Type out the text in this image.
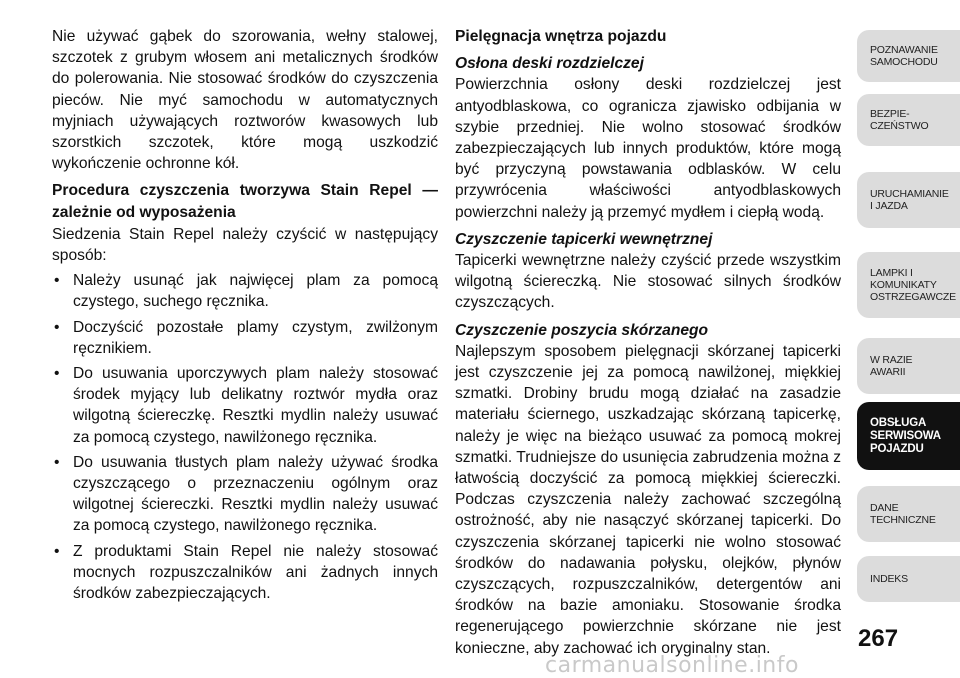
Nie używać gąbek do szorowania, wełny stalowej, szczotek z grubym włosem ani metalicznych środków do polerowania. Nie stosować środków do czyszczenia pieców. Nie myć samochodu w automatycznych myjniach używających roztworów kwasowych lub szorstkich szczotek, które mogą uszkodzić wykończenie ochronne kół.

Procedura czyszczenia tworzywa Stain Repel — zależnie od wyposażenia

Siedzenia Stain Repel należy czyścić w następujący sposób:

• Należy usunąć jak najwięcej plam za pomocą czystego, suchego ręcznika.
• Doczyścić pozostałe plamy czystym, zwilżonym ręcznikiem.
• Do usuwania uporczywych plam należy stosować środek myjący lub delikatny roztwór mydła oraz wilgotną ściereczkę. Resztki mydlin należy usuwać za pomocą czystego, nawilżonego ręcznika.
• Do usuwania tłustych plam należy używać środka czyszczącego o przeznaczeniu ogólnym oraz wilgotnej ściereczki. Resztki mydlin należy usuwać za pomocą czystego, nawilżonego ręcznika.
• Z produktami Stain Repel nie należy stosować mocnych rozpuszczalników ani żadnych innych środków zabezpieczających.
Pielęgnacja wnętrza pojazdu
Osłona deski rozdzielczej

Powierzchnia osłony deski rozdzielczej jest antyodblaskowa, co ogranicza zjawisko odbijania w szybie przedniej. Nie wolno stosować środków zabezpieczających lub innych produktów, które mogą być przyczyną powstawania odblasków. W celu przywrócenia właściwości antyodblaskowych powierzchni należy ją przemyć mydłem i ciepłą wodą.

Czyszczenie tapicerki wewnętrznej

Tapicerki wewnętrzne należy czyścić przede wszystkim wilgotną ściereczką. Nie stosować silnych środków czyszczących.

Czyszczenie poszycia skórzanego

Najlepszym sposobem pielęgnacji skórzanej tapicerki jest czyszczenie jej za pomocą nawilżonej, miękkiej szmatki. Drobiny brudu mogą działać na zasadzie materiału ściernego, uszkadzając skórzaną tapicerkę, należy je więc na bieżąco usuwać za pomocą mokrej szmatki. Trudniejsze do usunięcia zabrudzenia można z łatwością doczyścić za pomocą miękkiej ściereczki. Podczas czyszczenia należy zachować szczególną ostrożność, aby nie nasączyć skórzanej tapicerki. Do czyszczenia skórzanej tapicerki nie wolno stosować środków do nadawania połysku, olejków, płynów czyszczących, rozpuszczalników, detergentów ani środków na bazie amoniaku. Stosowanie środka regenerującego powierzchnie skórzane nie jest konieczne, aby zachować ich oryginalny stan.

POZNAWANIE
SAMOCHODU
BEZPIE-
CZEŃSTWO
URUCHAMIANIE
I JAZDA
LAMPKI I
KOMUNIKATY
OSTRZEGAWCZE
W RAZIE
AWARII
OBSŁUGA
SERWISOWA
POJAZDU
DANE
TECHNICZNE
INDEKS
267
carmanualsonline.info
